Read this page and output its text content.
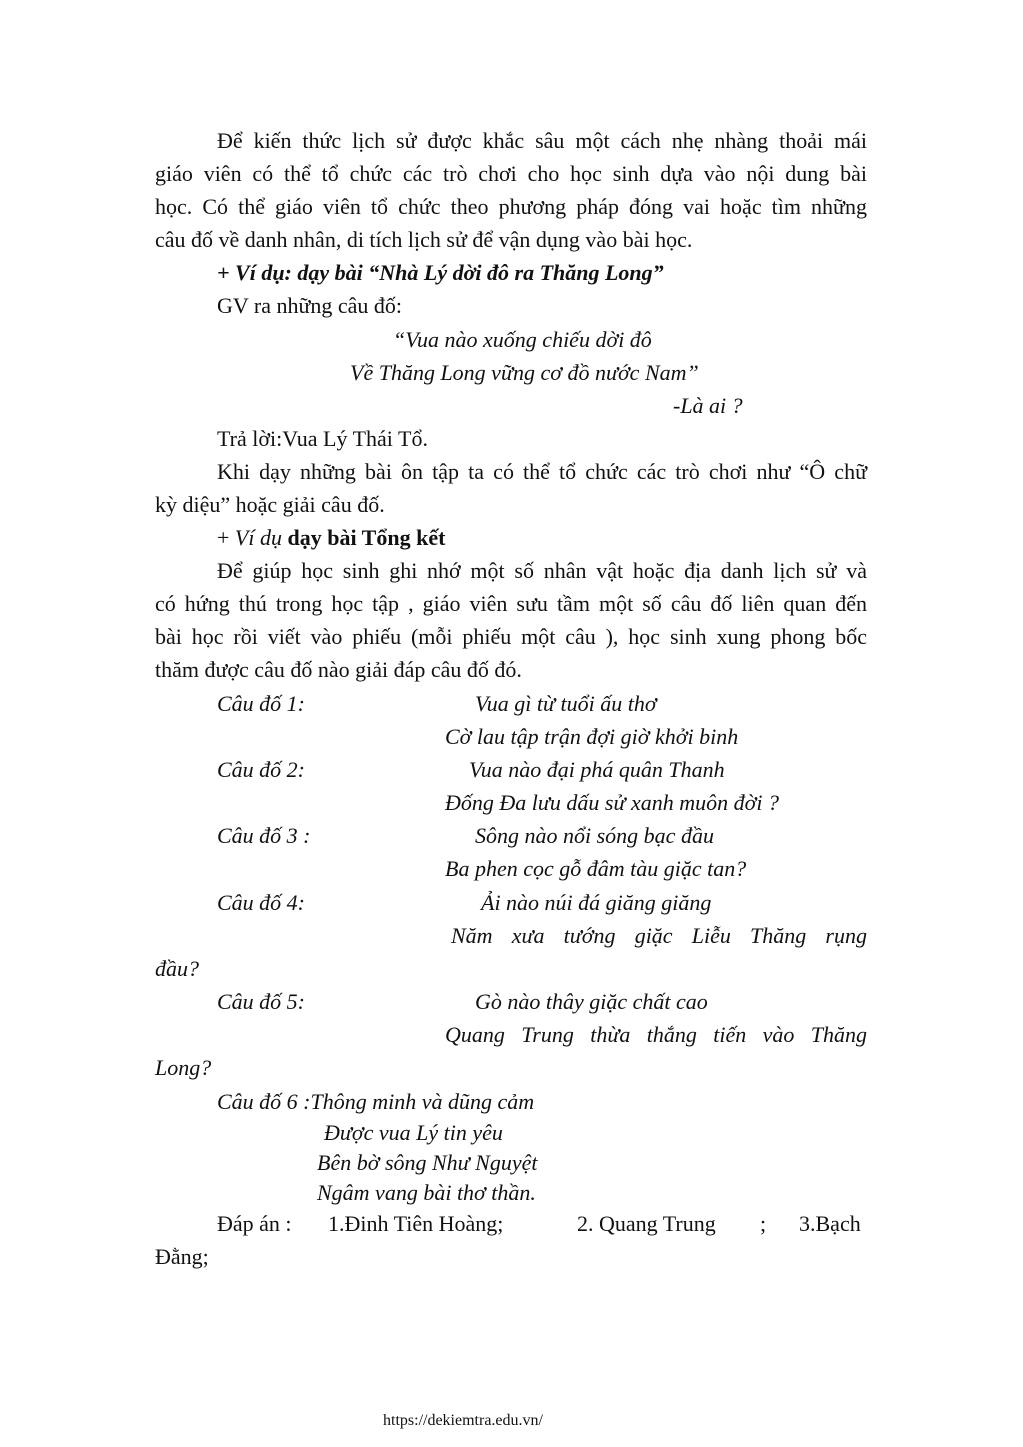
Để kiến thức lịch sử được khắc sâu một cách nhẹ nhàng thoải mái
giáo viên có thể tổ chức các trò chơi cho học sinh dựa vào nội dung bài
học. Có thể giáo viên tổ chức theo phương pháp đóng vai hoặc tìm những
câu đố về danh nhân, di tích lịch sử để vận dụng vào bài học.
+ Ví dụ: dạy bài “Nhà Lý dời đô ra Thăng Long”
GV ra những câu đố:
“Vua nào xuống chiếu dời đô
Về Thăng Long vững cơ đồ nước Nam”
-Là ai ?
Trả lời:Vua Lý Thái Tổ.
Khi dạy những bài ôn tập ta có thể tổ chức các trò chơi như “Ô chữ
kỳ diệu” hoặc giải câu đố.
+ Ví dụ dạy bài Tổng kết
Để giúp học sinh ghi nhớ một số nhân vật hoặc địa danh lịch sử và
có hứng thú trong học tập , giáo viên sưu tầm một số câu đố liên quan đến
bài học rồi viết vào phiếu (mỗi phiếu một câu ), học sinh xung phong bốc
thăm được câu đố nào giải đáp câu đố đó.
Câu đố 1:	Vua gì từ tuổi ấu thơ
Cờ lau tập trận đợi giờ khởi binh
Câu đố 2:	Vua nào đại phá quân Thanh
Đống Đa lưu dấu sử xanh muôn đời ?
Câu đố 3 :	Sông nào nổi sóng bạc đầu
Ba phen cọc gỗ đâm tàu giặc tan?
Câu đố 4:	Ải nào núi đá giăng giăng
Năm xưa tướng giặc Liễu Thăng rụng
đầu?
Câu đố 5:	Gò nào thây giặc chất cao
Quang Trung thừa thắng tiến vào Thăng
Long?
Câu đố 6 :Thông minh và dũng cảm
Được vua Lý tin yêu
Bên bờ sông Như Nguyệt
Ngâm vang bài thơ thần.
Đáp án : 1.Đinh Tiên Hoàng;	2. Quang Trung ; 3.Bạch
Đằng;
https://dekiemtra.edu.vn/
